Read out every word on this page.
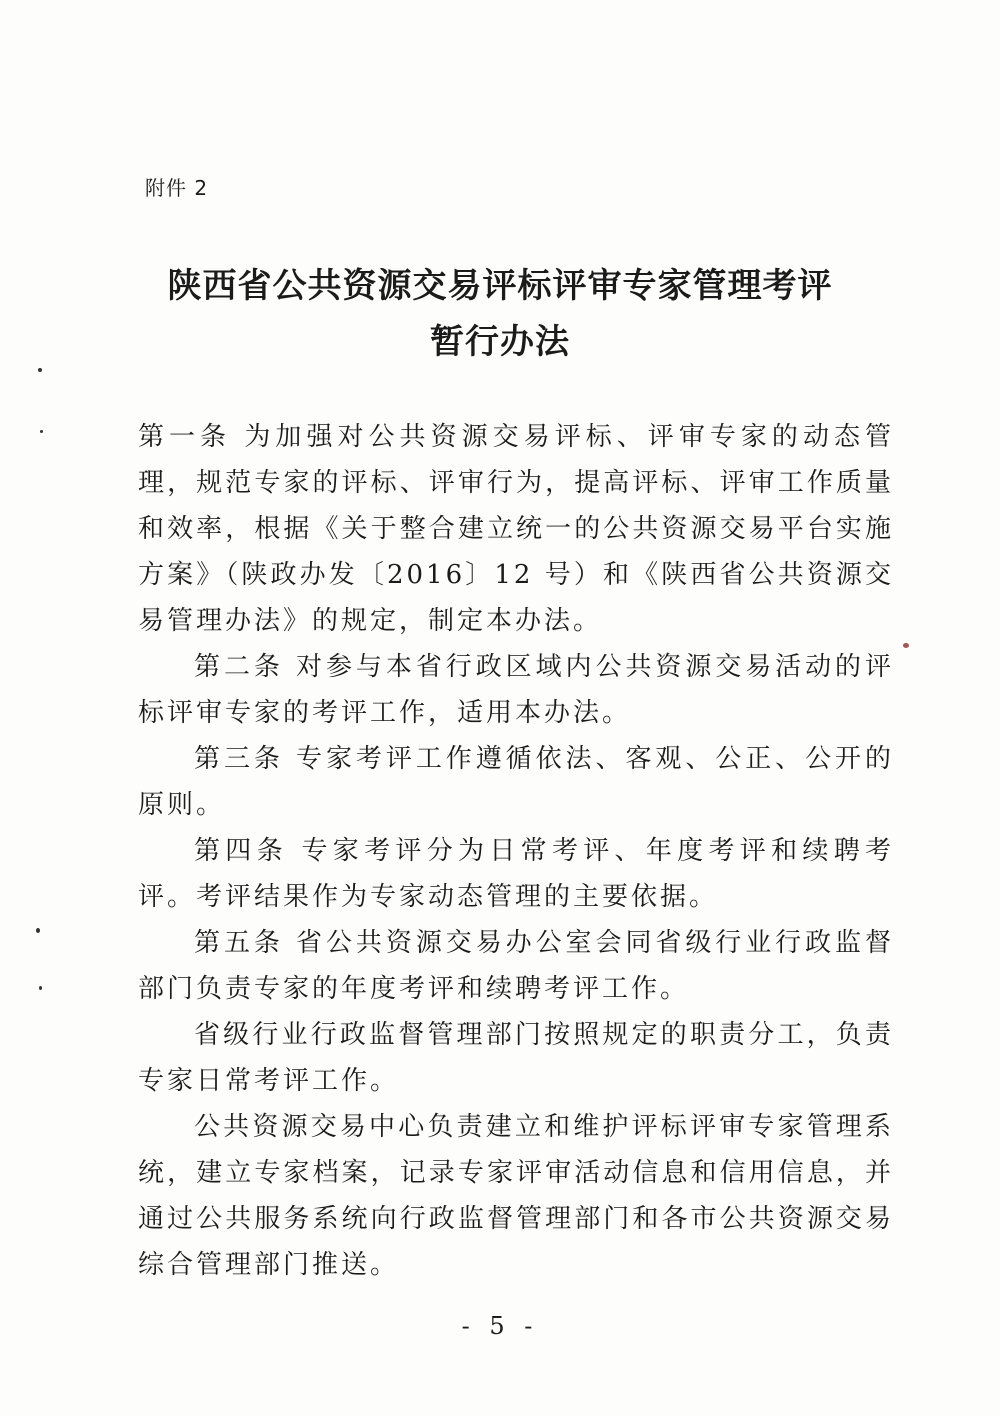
附件 2

陕西省公共资源交易评标评审专家管理考评
暂行办法

第一条 为加强对公共资源交易评标、评审专家的动态管理，规范专家的评标、评审行为，提高评标、评审工作质量和效率，根据《关于整合建立统一的公共资源交易平台实施方案》（陕政办发〔2016〕12 号）和《陕西省公共资源交易管理办法》的规定，制定本办法。

第二条 对参与本省行政区域内公共资源交易活动的评标评审专家的考评工作，适用本办法。

第三条 专家考评工作遵循依法、客观、公正、公开的原则。

第四条 专家考评分为日常考评、年度考评和续聘考评。考评结果作为专家动态管理的主要依据。

第五条 省公共资源交易办公室会同省级行业行政监督部门负责专家的年度考评和续聘考评工作。

省级行业行政监督管理部门按照规定的职责分工，负责专家日常考评工作。

公共资源交易中心负责建立和维护评标评审专家管理系统，建立专家档案，记录专家评审活动信息和信用信息，并通过公共服务系统向行政监督管理部门和各市公共资源交易综合管理部门推送。

- 5 -
